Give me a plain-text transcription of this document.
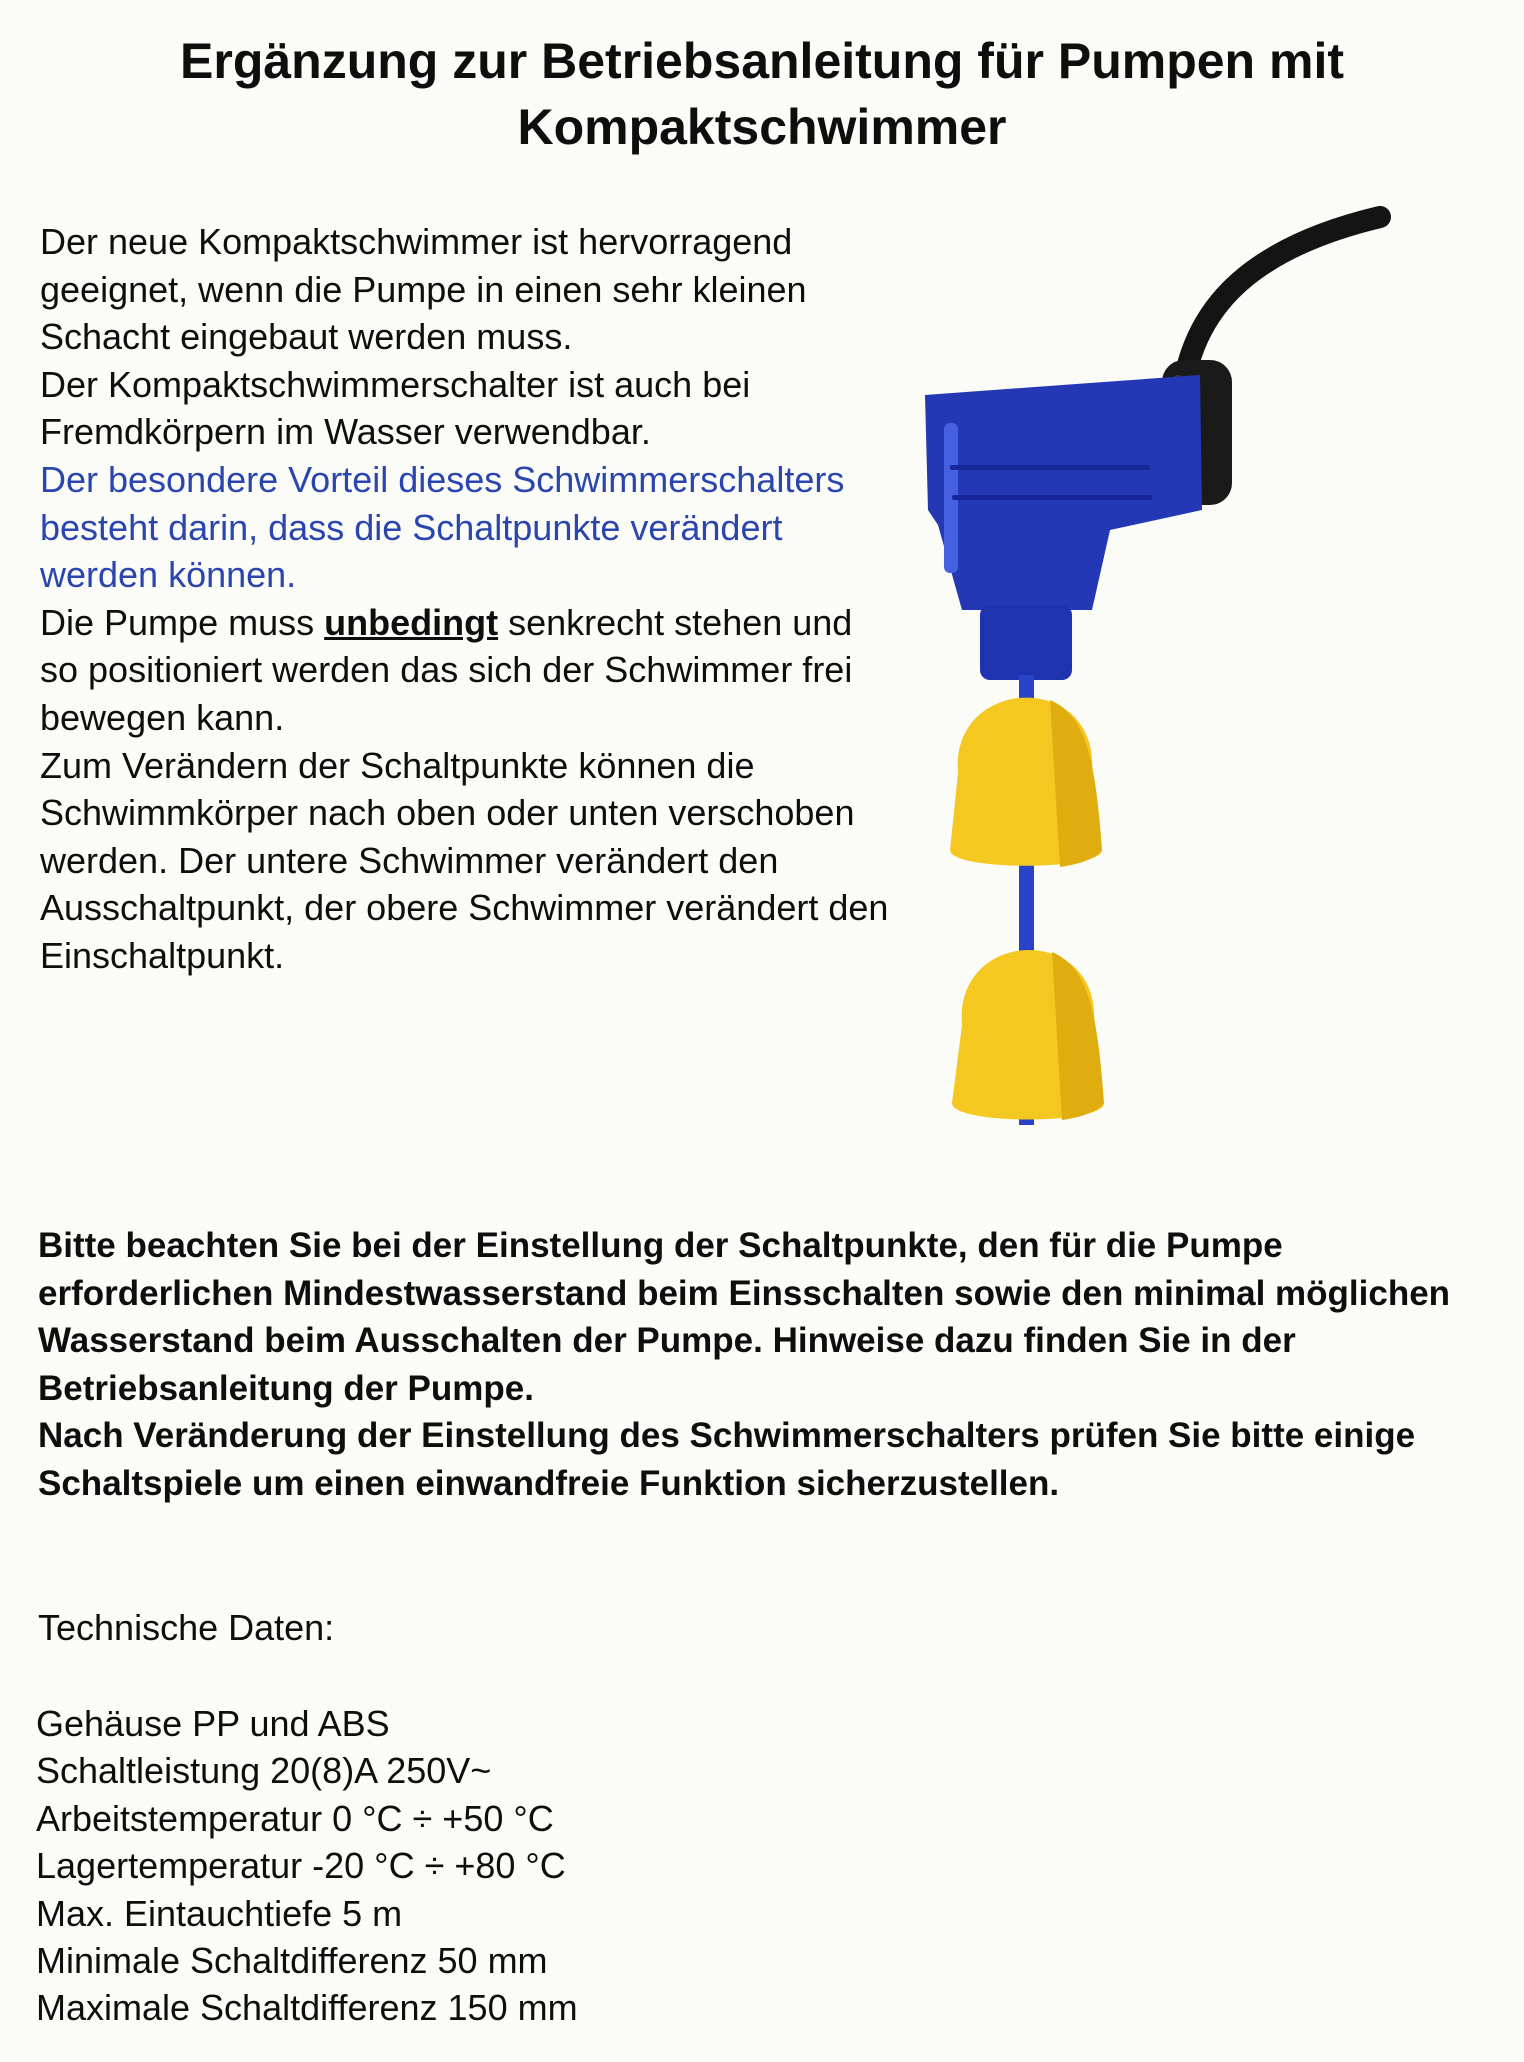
Ergänzung zur Betriebsanleitung für Pumpen mit
Kompaktschwimmer

Der neue Kompaktschwimmer ist hervorragend geeignet, wenn die Pumpe in einen sehr kleinen Schacht eingebaut werden muss.

Der Kompaktschwimmerschalter ist auch bei Fremdkörpern im Wasser verwendbar.

Der besondere Vorteil dieses Schwimmerschalters besteht darin, dass die Schaltpunkte verändert werden können.

Die Pumpe muss unbedingt senkrecht stehen und so positioniert werden das sich der Schwimmer frei bewegen kann.

Zum Verändern der Schaltpunkte können die Schwimmkörper nach oben oder unten verschoben werden. Der untere Schwimmer verändert den Ausschaltpunkt, der obere Schwimmer verändert den Einschaltpunkt.

Bitte beachten Sie bei der Einstellung der Schaltpunkte, den für die Pumpe erforderlichen Mindestwasserstand beim Einsschalten sowie den minimal möglichen Wasserstand beim Ausschalten der Pumpe. Hinweise dazu finden Sie in der Betriebsanleitung der Pumpe.

Nach Veränderung der Einstellung des Schwimmerschalters prüfen Sie bitte einige Schaltspiele um einen einwandfreie Funktion sicherzustellen.

Technische Daten:

Gehäuse PP und ABS
Schaltleistung 20(8)A 250V~
Arbeitstemperatur 0 °C ÷ +50 °C
Lagertemperatur -20 °C ÷ +80 °C
Max. Eintauchtiefe 5 m
Minimale Schaltdifferenz 50 mm
Maximale Schaltdifferenz 150 mm
